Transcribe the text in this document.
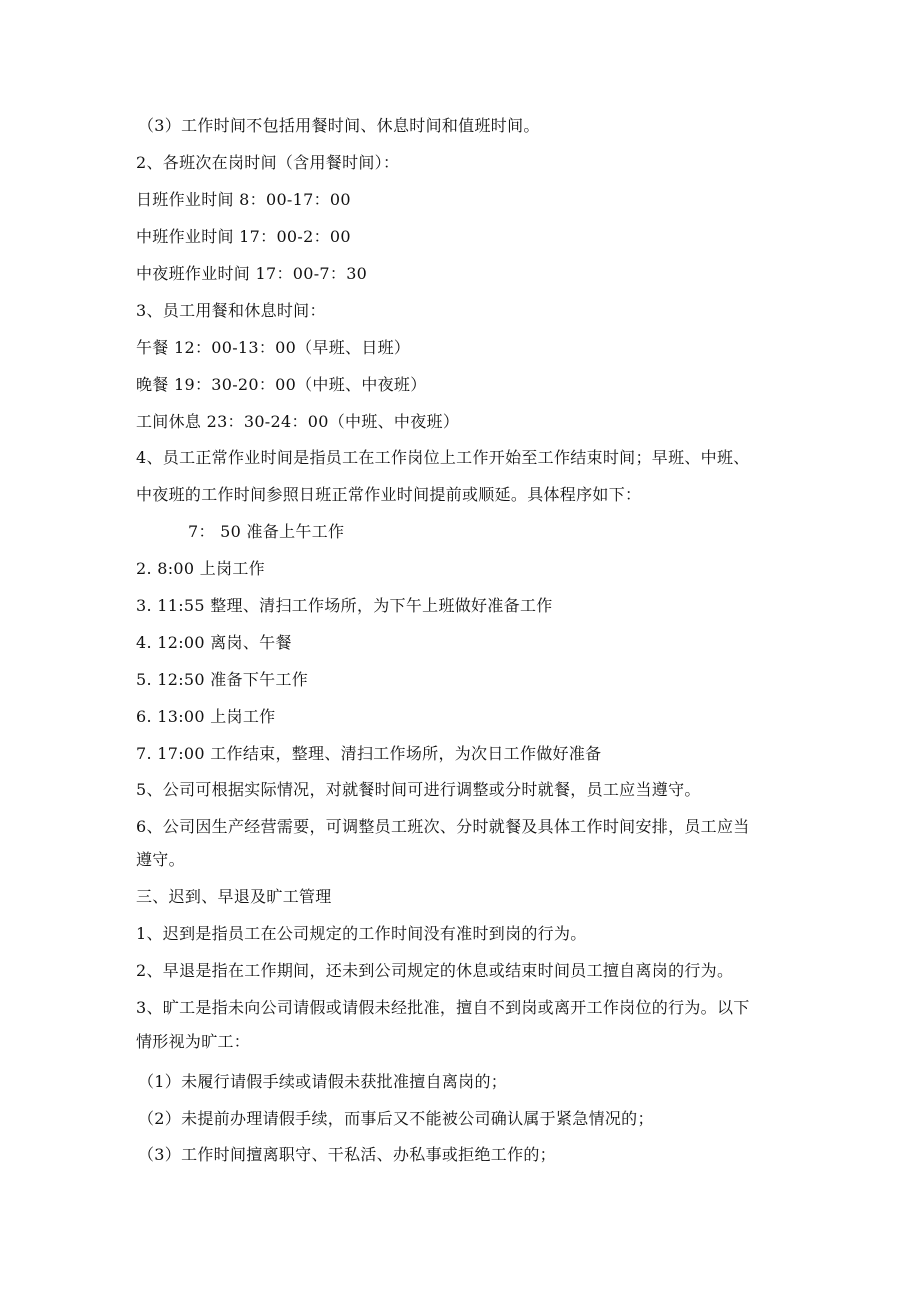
（3）工作时间不包括用餐时间、休息时间和值班时间。
2、各班次在岗时间（含用餐时间）：
日班作业时间 8：00-17：00
中班作业时间 17：00-2：00
中夜班作业时间 17：00-7：30
3、员工用餐和休息时间：
午餐 12：00-13：00（早班、日班）
晚餐 19：30-20：00（中班、中夜班）
工间休息 23：30-24：00（中班、中夜班）
4、员工正常作业时间是指员工在工作岗位上工作开始至工作结束时间；早班、中班、
中夜班的工作时间参照日班正常作业时间提前或顺延。具体程序如下：
7： 50 准备上午工作
2. 8:00 上岗工作
3. 11:55 整理、清扫工作场所，为下午上班做好准备工作
4. 12:00 离岗、午餐
5. 12:50 准备下午工作
6. 13:00 上岗工作
7. 17:00 工作结束，整理、清扫工作场所，为次日工作做好准备
5、公司可根据实际情况，对就餐时间可进行调整或分时就餐，员工应当遵守。
6、公司因生产经营需要，可调整员工班次、分时就餐及具体工作时间安排，员工应当
遵守。
三、迟到、早退及旷工管理
1、迟到是指员工在公司规定的工作时间没有准时到岗的行为。
2、早退是指在工作期间，还未到公司规定的休息或结束时间员工擅自离岗的行为。
3、旷工是指未向公司请假或请假未经批准，擅自不到岗或离开工作岗位的行为。以下
情形视为旷工：
（1）未履行请假手续或请假未获批准擅自离岗的；
（2）未提前办理请假手续，而事后又不能被公司确认属于紧急情况的；
（3）工作时间擅离职守、干私活、办私事或拒绝工作的；
